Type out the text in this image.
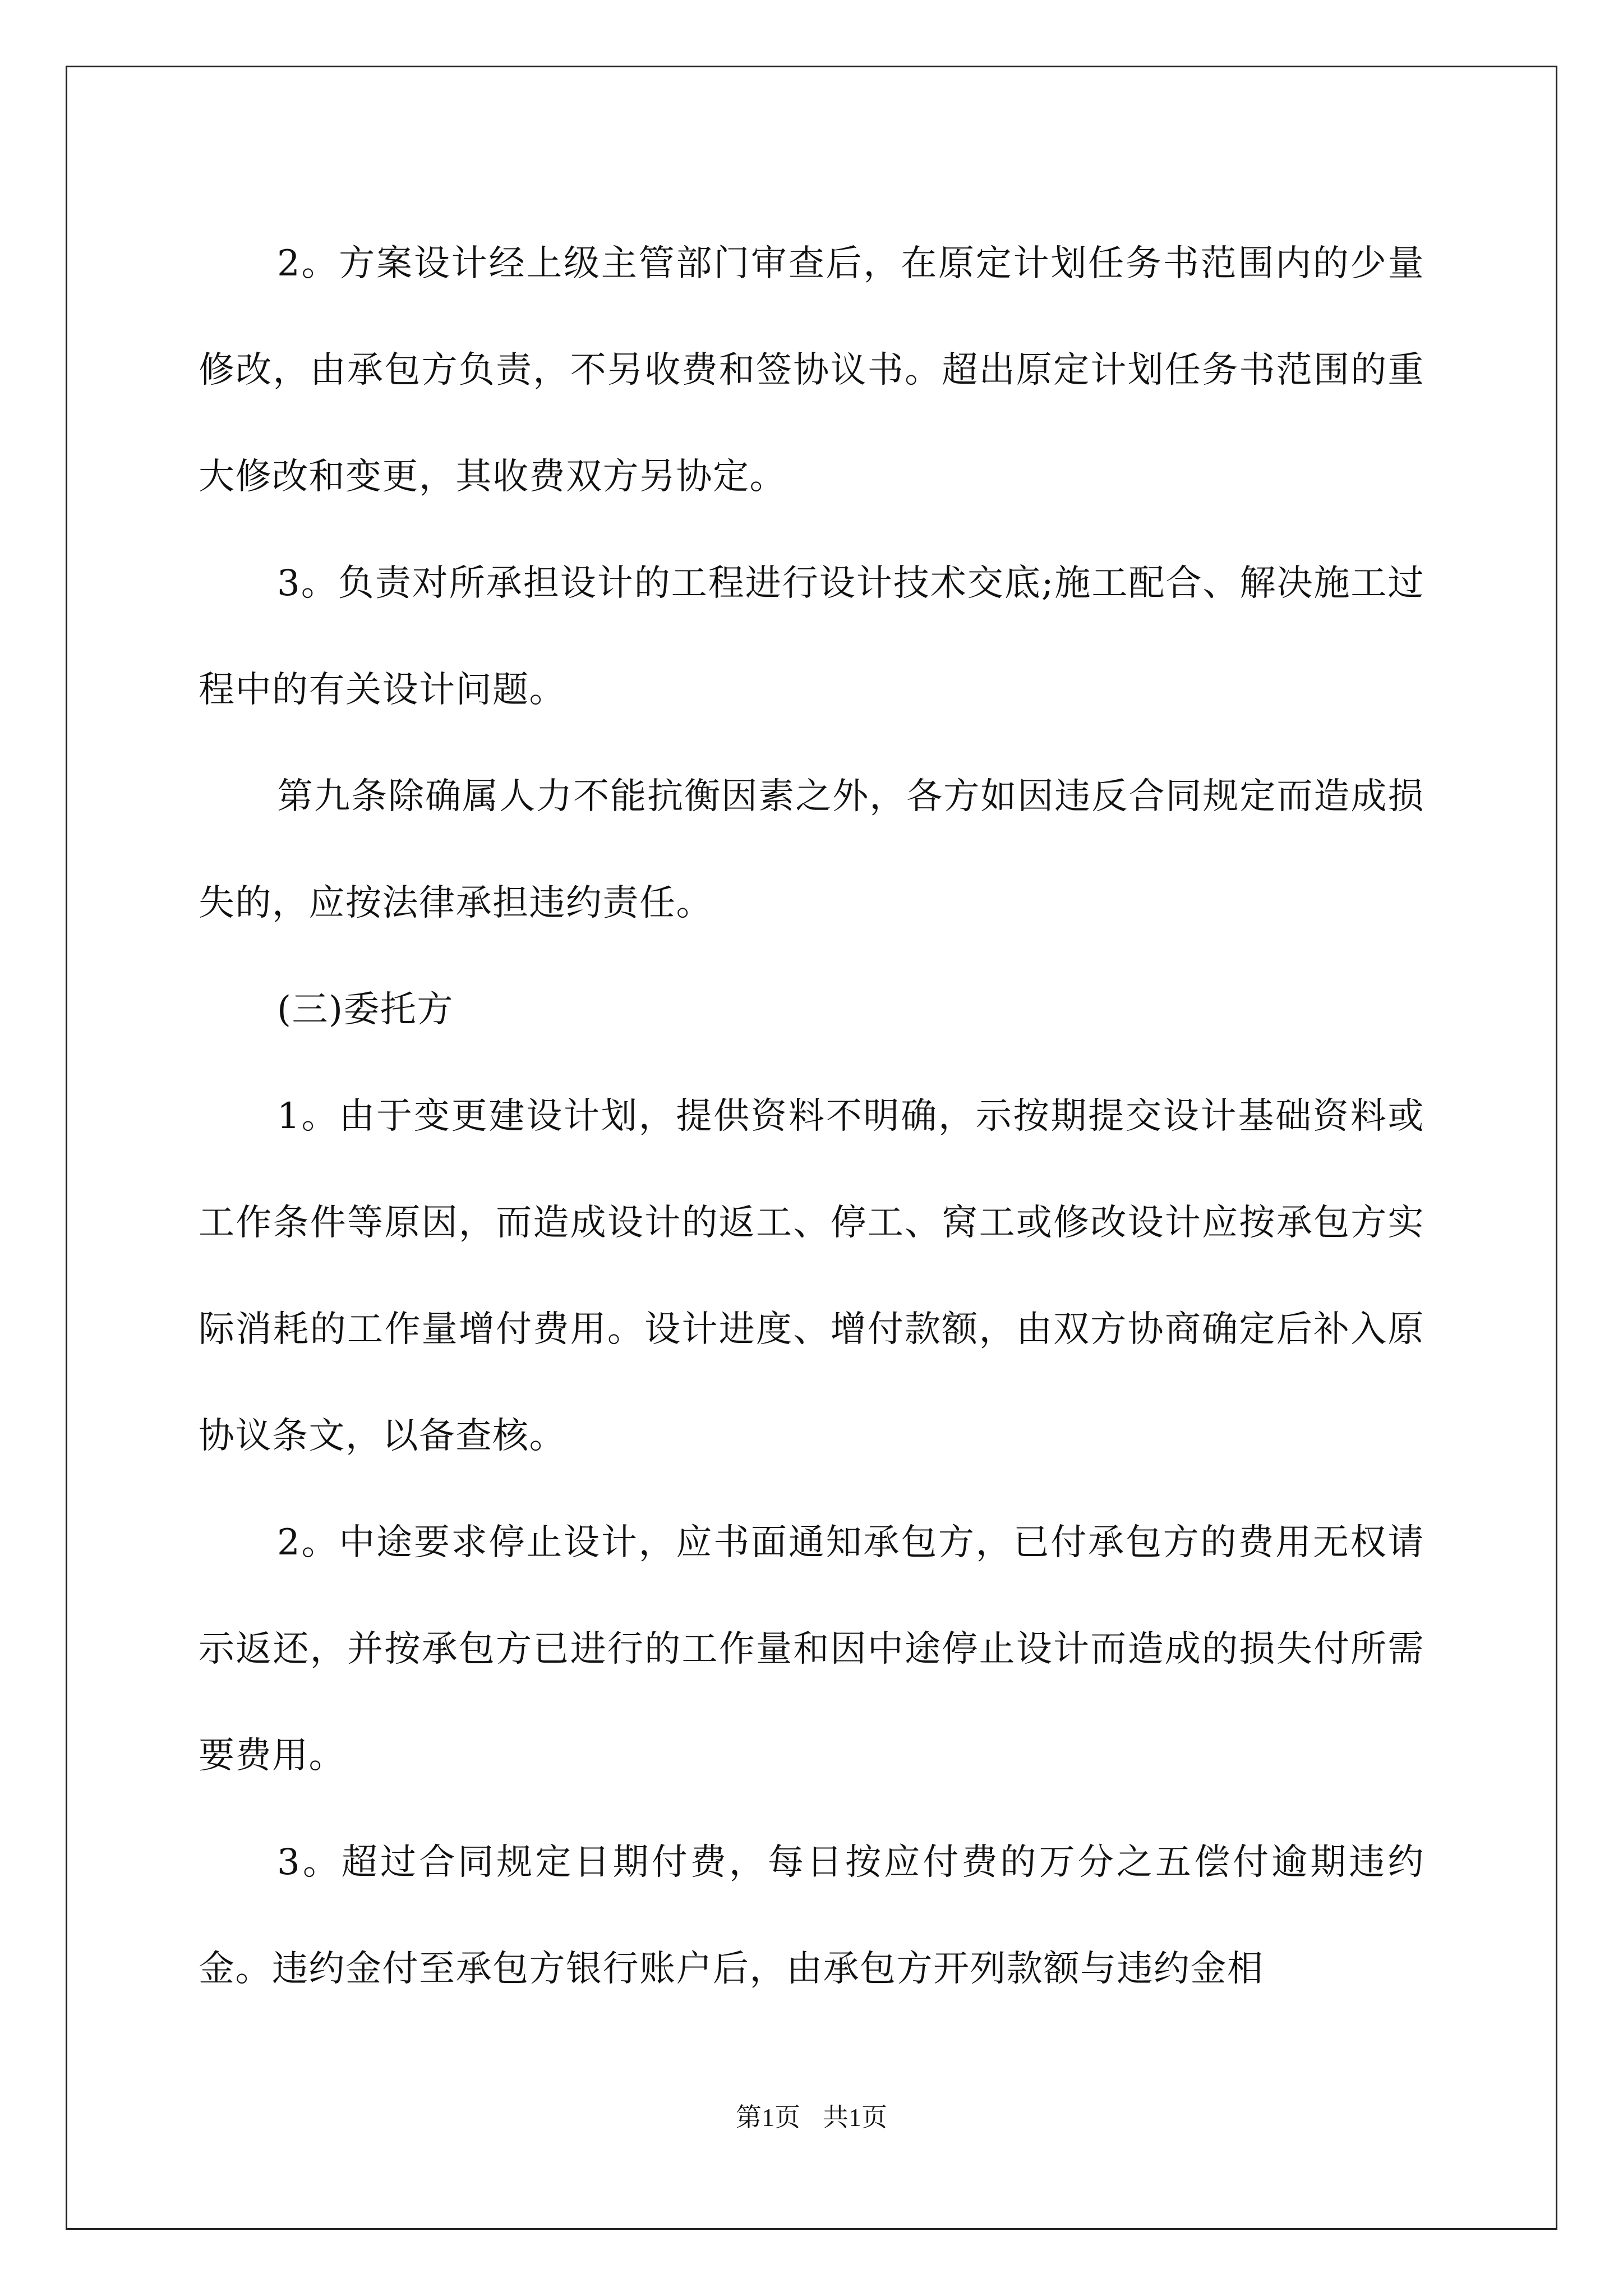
2。方案设计经上级主管部门审查后，在原定计划任务书范围内的少量修改，由承包方负责，不另收费和签协议书。超出原定计划任务书范围的重大修改和变更，其收费双方另协定。

3。负责对所承担设计的工程进行设计技术交底;施工配合、解决施工过程中的有关设计问题。

第九条除确属人力不能抗衡因素之外，各方如因违反合同规定而造成损失的，应按法律承担违约责任。

(三)委托方

1。由于变更建设计划，提供资料不明确，示按期提交设计基础资料或工作条件等原因，而造成设计的返工、停工、窝工或修改设计应按承包方实际消耗的工作量增付费用。设计进度、增付款额，由双方协商确定后补入原协议条文，以备查核。

2。中途要求停止设计，应书面通知承包方，已付承包方的费用无权请示返还，并按承包方已进行的工作量和因中途停止设计而造成的损失付所需要费用。

3。超过合同规定日期付费，每日按应付费的万分之五偿付逾期违约金。违约金付至承包方银行账户后，由承包方开列款额与违约金相

第1页 共1页
